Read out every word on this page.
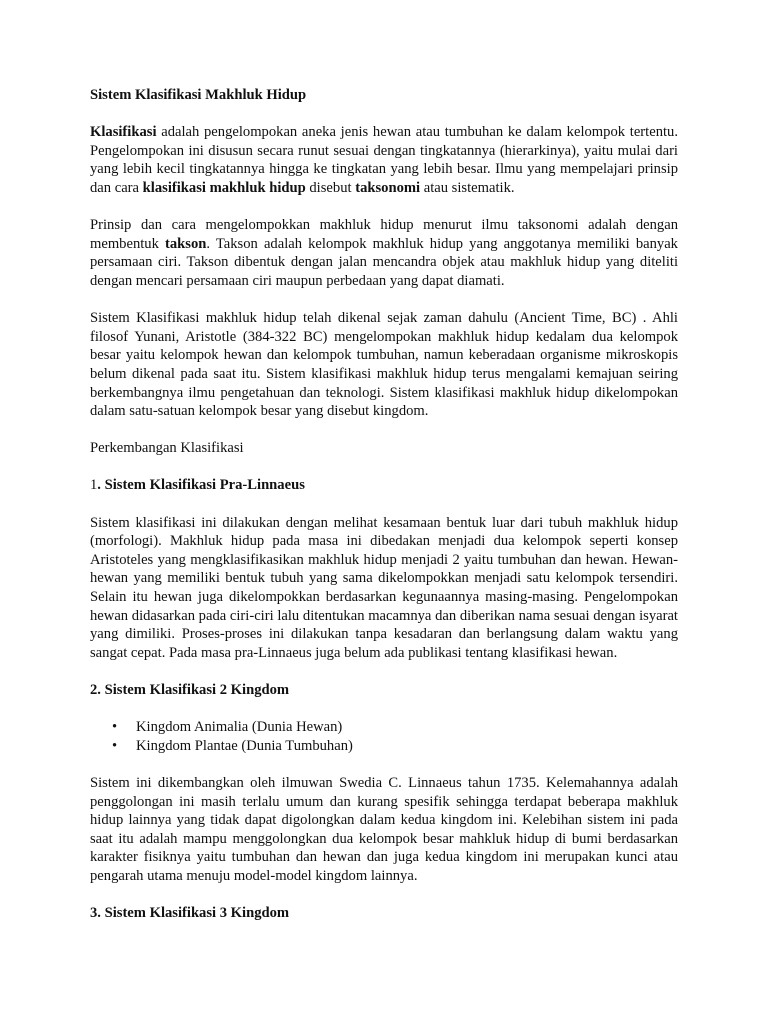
Sistem Klasifikasi Makhluk Hidup

Klasifikasi adalah pengelompokan aneka jenis hewan atau tumbuhan ke dalam kelompok tertentu. Pengelompokan ini disusun secara runut sesuai dengan tingkatannya (hierarkinya), yaitu mulai dari yang lebih kecil tingkatannya hingga ke tingkatan yang lebih besar. Ilmu yang mempelajari prinsip dan cara klasifikasi makhluk hidup disebut taksonomi atau sistematik.

Prinsip dan cara mengelompokkan makhluk hidup menurut ilmu taksonomi adalah dengan membentuk takson. Takson adalah kelompok makhluk hidup yang anggotanya memiliki banyak persamaan ciri. Takson dibentuk dengan jalan mencandra objek atau makhluk hidup yang diteliti dengan mencari persamaan ciri maupun perbedaan yang dapat diamati.

Sistem Klasifikasi makhluk hidup telah dikenal sejak zaman dahulu (Ancient Time, BC) . Ahli filosof Yunani, Aristotle (384-322 BC) mengelompokan makhluk hidup kedalam dua kelompok besar yaitu kelompok hewan dan kelompok tumbuhan, namun keberadaan organisme mikroskopis belum dikenal pada saat itu. Sistem klasifikasi makhluk hidup terus mengalami kemajuan seiring berkembangnya ilmu pengetahuan dan teknologi. Sistem klasifikasi makhluk hidup dikelompokan dalam satu-satuan kelompok besar yang disebut kingdom.

Perkembangan Klasifikasi

1. Sistem Klasifikasi Pra-Linnaeus

Sistem klasifikasi ini dilakukan dengan melihat kesamaan bentuk luar dari tubuh makhluk hidup (morfologi). Makhluk hidup pada masa ini dibedakan menjadi dua kelompok seperti konsep Aristoteles yang mengklasifikasikan makhluk hidup menjadi 2 yaitu tumbuhan dan hewan. Hewan-hewan yang memiliki bentuk tubuh yang sama dikelompokkan menjadi satu kelompok tersendiri. Selain itu hewan juga dikelompokkan berdasarkan kegunaannya masing-masing. Pengelompokan hewan didasarkan pada ciri-ciri lalu ditentukan macamnya dan diberikan nama sesuai dengan isyarat yang dimiliki. Proses-proses ini dilakukan tanpa kesadaran dan berlangsung dalam waktu yang sangat cepat. Pada masa pra-Linnaeus juga belum ada publikasi tentang klasifikasi hewan.

2. Sistem Klasifikasi 2 Kingdom

• Kingdom Animalia (Dunia Hewan)
• Kingdom Plantae (Dunia Tumbuhan)

Sistem ini dikembangkan oleh ilmuwan Swedia C. Linnaeus tahun 1735. Kelemahannya adalah penggolongan ini masih terlalu umum dan kurang spesifik sehingga terdapat beberapa makhluk hidup lainnya yang tidak dapat digolongkan dalam kedua kingdom ini. Kelebihan sistem ini pada saat itu adalah mampu menggolongkan dua kelompok besar mahkluk hidup di bumi berdasarkan karakter fisiknya yaitu tumbuhan dan hewan dan juga kedua kingdom ini merupakan kunci atau pengarah utama menuju model-model kingdom lainnya.

3. Sistem Klasifikasi 3 Kingdom
